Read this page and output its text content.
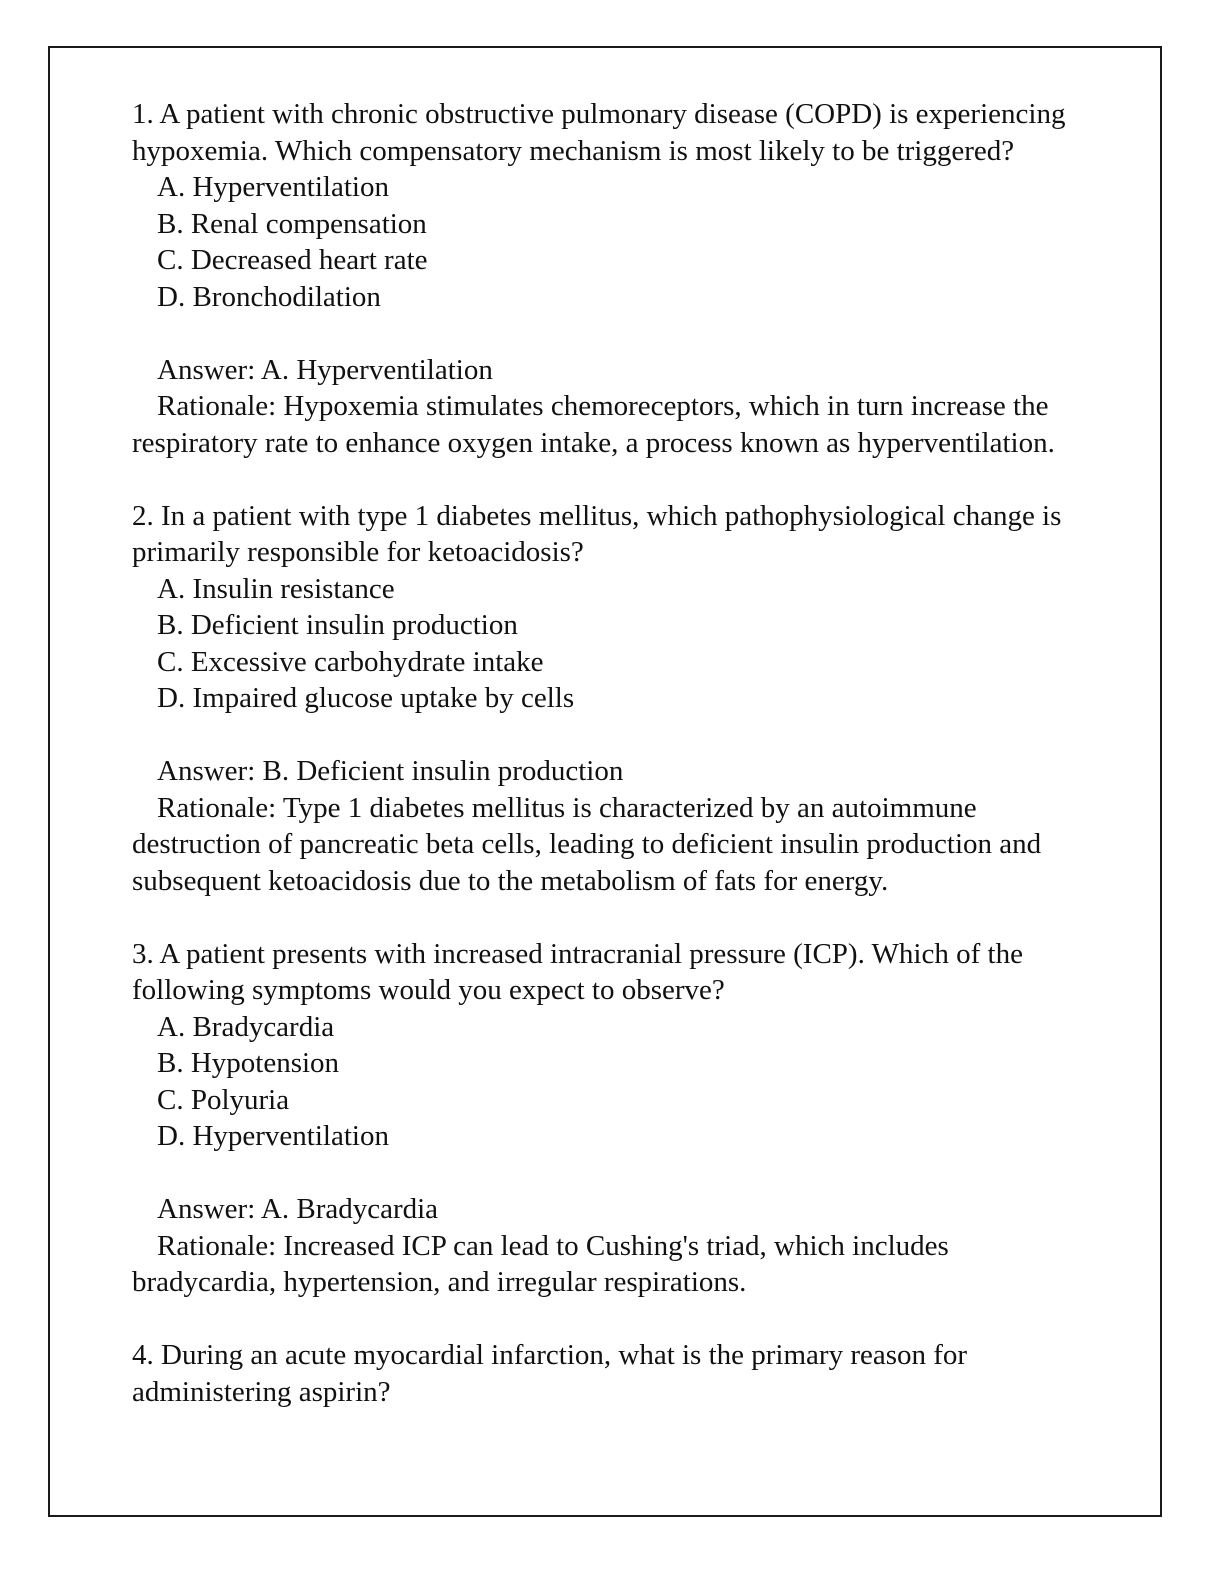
1. A patient with chronic obstructive pulmonary disease (COPD) is experiencing hypoxemia. Which compensatory mechanism is most likely to be triggered?

A. Hyperventilation

B. Renal compensation

C. Decreased heart rate

D. Bronchodilation

Answer: A. Hyperventilation

Rationale: Hypoxemia stimulates chemoreceptors, which in turn increase the respiratory rate to enhance oxygen intake, a process known as hyperventilation.

2. In a patient with type 1 diabetes mellitus, which pathophysiological change is primarily responsible for ketoacidosis?

A. Insulin resistance

B. Deficient insulin production

C. Excessive carbohydrate intake

D. Impaired glucose uptake by cells

Answer: B. Deficient insulin production

Rationale: Type 1 diabetes mellitus is characterized by an autoimmune destruction of pancreatic beta cells, leading to deficient insulin production and subsequent ketoacidosis due to the metabolism of fats for energy.

3. A patient presents with increased intracranial pressure (ICP). Which of the following symptoms would you expect to observe?

A. Bradycardia

B. Hypotension

C. Polyuria

D. Hyperventilation

Answer: A. Bradycardia

Rationale: Increased ICP can lead to Cushing's triad, which includes bradycardia, hypertension, and irregular respirations.

4. During an acute myocardial infarction, what is the primary reason for administering aspirin?
